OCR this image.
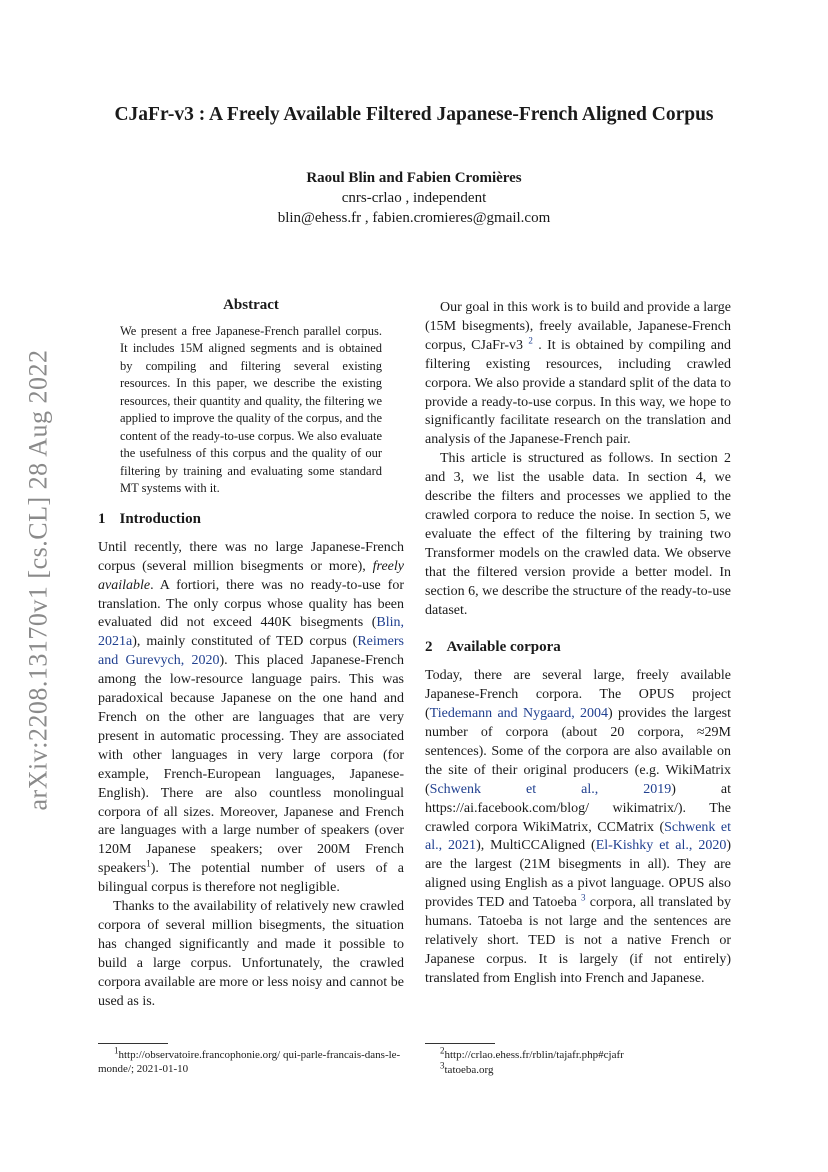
arXiv:2208.13170v1 [cs.CL] 28 Aug 2022
CJaFr-v3 : A Freely Available Filtered Japanese-French Aligned Corpus
Raoul Blin and Fabien Cromières
cnrs-crlao , independent
blin@ehess.fr , fabien.cromieres@gmail.com
Abstract

We present a free Japanese-French parallel corpus. It includes 15M aligned segments and is obtained by compiling and filtering several existing resources. In this paper, we describe the existing resources, their quantity and quality, the filtering we applied to improve the quality of the corpus, and the content of the ready-to-use corpus. We also evaluate the usefulness of this corpus and the quality of our filtering by training and evaluating some standard MT systems with it.

1 Introduction

Until recently, there was no large Japanese-French corpus (several million bisegments or more), freely available. A fortiori, there was no ready-to-use for translation. The only corpus whose quality has been evaluated did not exceed 440K bisegments (Blin, 2021a), mainly constituted of TED corpus (Reimers and Gurevych, 2020). This placed Japanese-French among the low-resource language pairs. This was paradoxical because Japanese on the one hand and French on the other are languages that are very present in automatic processing. They are associated with other languages in very large corpora (for example, French-European languages, Japanese-English). There are also countless monolingual corpora of all sizes. Moreover, Japanese and French are languages with a large number of speakers (over 120M Japanese speakers; over 200M French speakers$^1$). The potential number of users of a bilingual corpus is therefore not negligible.

Thanks to the availability of relatively new crawled corpora of several million bisegments, the situation has changed significantly and made it possible to build a large corpus. Unfortunately, the crawled corpora available are more or less noisy and cannot be used as is.

Our goal in this work is to build and provide a large (15M bisegments), freely available, Japanese-French corpus, CJaFr-v3 $^2$ . It is obtained by compiling and filtering existing resources, including crawled corpora. We also provide a standard split of the data to provide a ready-to-use corpus. In this way, we hope to significantly facilitate research on the translation and analysis of the Japanese-French pair.

This article is structured as follows. In section 2 and 3, we list the usable data. In section 4, we describe the filters and processes we applied to the crawled corpora to reduce the noise. In section 5, we evaluate the effect of the filtering by training two Transformer models on the crawled data. We observe that the filtered version provide a better model. In section 6, we describe the structure of the ready-to-use dataset.

2 Available corpora

Today, there are several large, freely available Japanese-French corpora. The OPUS project (Tiedemann and Nygaard, 2004) provides the largest number of corpora (about 20 corpora, ≈29M sentences). Some of the corpora are also available on the site of their original producers (e.g. WikiMatrix (Schwenk et al., 2019) at https://ai.facebook.com/blog/ wikimatrix/). The crawled corpora WikiMatrix, CCMatrix (Schwenk et al., 2021), MultiCCAligned (El-Kishky et al., 2020) are the largest (21M bisegments in all). They are aligned using English as a pivot language. OPUS also provides TED and Tatoeba $^3$ corpora, all translated by humans. Tatoeba is not large and the sentences are relatively short. TED is not a native French or Japanese corpus. It is largely (if not entirely) translated from English into French and Japanese.

$^1$http://observatoire.francophonie.org/ qui-parle-francais-dans-le-monde/; 2021-01-10
$^2$http://crlao.ehess.fr/rblin/tajafr.php#cjafr
$^3$tatoeba.org
